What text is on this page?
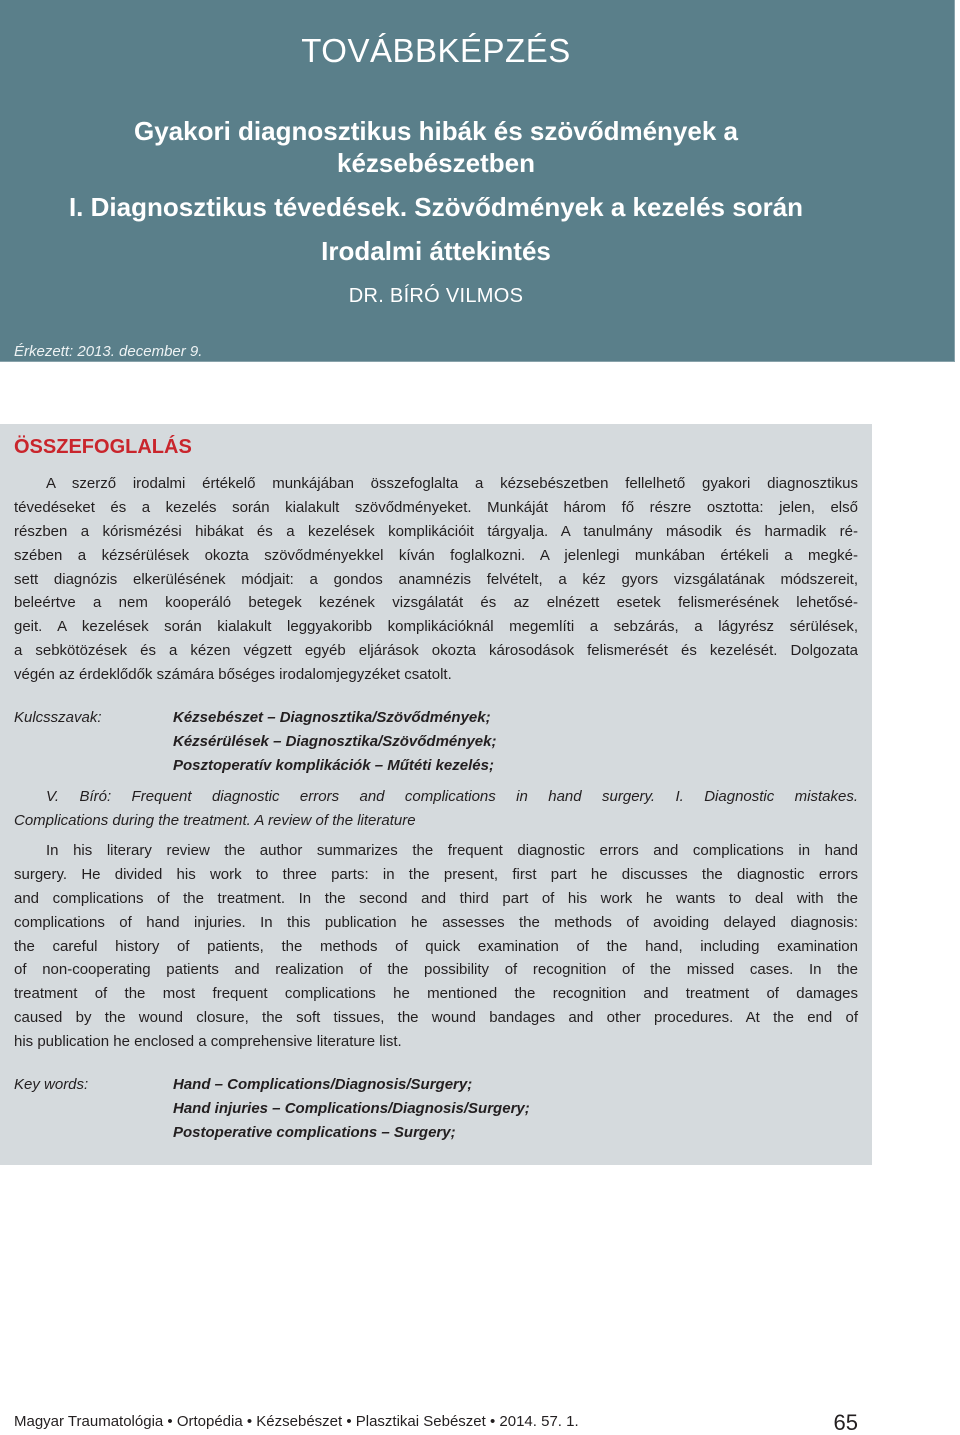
TOVÁBBKÉPZÉS
Gyakori diagnosztikus hibák és szövődmények a
kézsebészetben
I. Diagnosztikus tévedések. Szövődmények a kezelés során
Irodalmi áttekintés
DR. BÍRÓ VILMOS
Érkezett: 2013. december 9.
ÖSSZEFOGLALÁS
A szerző irodalmi értékelő munkájában összefoglalta a kézsebészetben fellelhető gyakori diagnosztikus
tévedéseket és a kezelés során kialakult szövődményeket. Munkáját három fő részre osztotta: jelen, első
részben a kórismézési hibákat és a kezelések komplikációit tárgyalja. A tanulmány második és harmadik ré-
szében a kézsérülések okozta szövődményekkel kíván foglalkozni. A jelenlegi munkában értékeli a megké-
sett diagnózis elkerülésének módjait: a gondos anamnézis felvételt, a kéz gyors vizsgálatának módszereit,
beleértve a nem kooperáló betegek kezének vizsgálatát és az elnézett esetek felismerésének lehetősé-
geit. A kezelések során kialakult leggyakoribb komplikációknál megemlíti a sebzárás, a lágyrész sérülések,
a sebkötözések és a kézen végzett egyéb eljárások okozta károsodások felismerését és kezelését. Dolgozata
végén az érdeklődők számára bőséges irodalomjegyzéket csatolt.
Kulcsszavak:	Kézsebészet – Diagnosztika/Szövődmények;
Kézsérülések – Diagnosztika/Szövődmények;
Posztoperatív komplikációk – Műtéti kezelés;
V. Bíró: Frequent diagnostic errors and complications in hand surgery. I. Diagnostic mistakes.
Complications during the treatment. A review of the literature
In his literary review the author summarizes the frequent diagnostic errors and complications in hand
surgery. He divided his work to three parts: in the present, first part he discusses the diagnostic errors
and complications of the treatment. In the second and third part of his work he wants to deal with the
complications of hand injuries. In this publication he assesses the methods of avoiding delayed diagnosis:
the careful history of patients, the methods of quick examination of the hand, including examination
of non-cooperating patients and realization of the possibility of recognition of the missed cases. In the
treatment of the most frequent complications he mentioned the recognition and treatment of damages
caused by the wound closure, the soft tissues, the wound bandages and other procedures. At the end of
his publication he enclosed a comprehensive literature list.
Key words:	Hand – Complications/Diagnosis/Surgery;
Hand injuries – Complications/Diagnosis/Surgery;
Postoperative complications – Surgery;
Magyar Traumatológia • Ortopédia • Kézsebészet • Plasztikai Sebészet • 2014. 57. 1.	65
